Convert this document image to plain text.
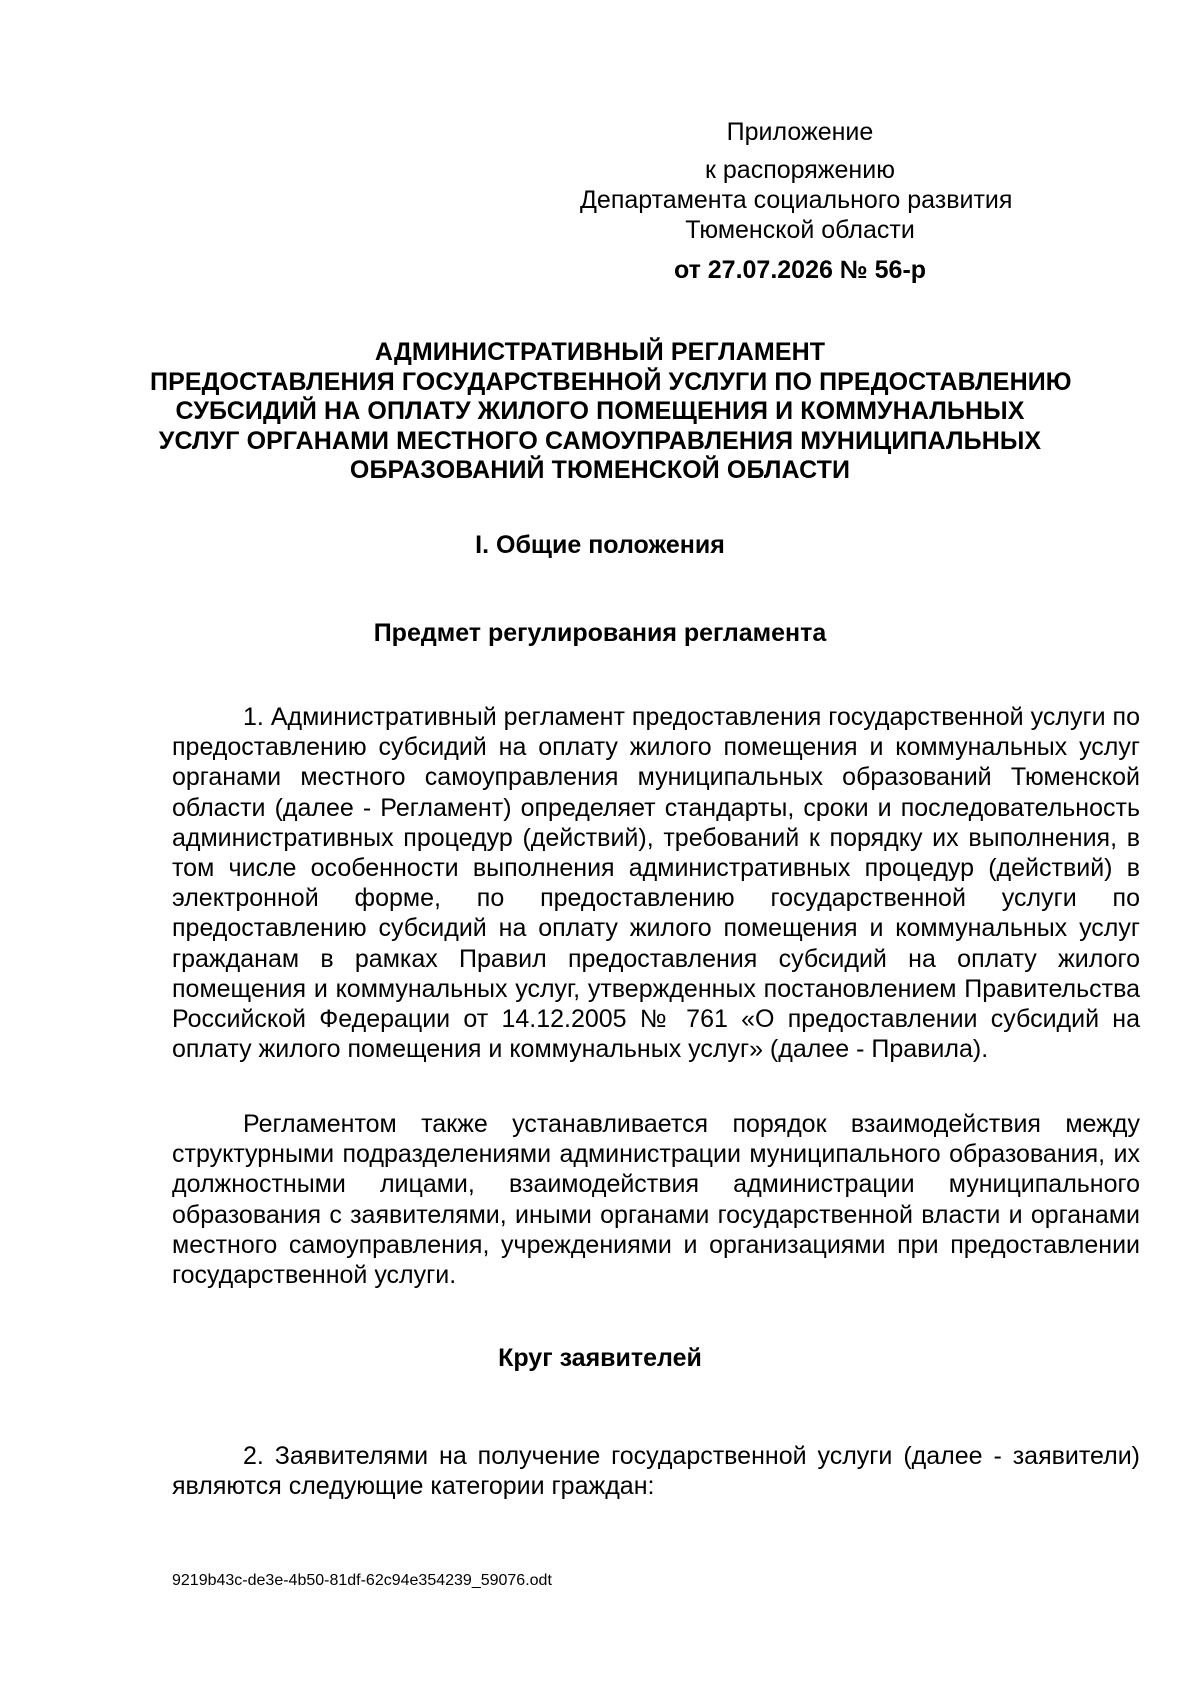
Приложение
к распоряжению
Департамента социального развития
Тюменской области
от 27.07.2026 № 56-р
АДМИНИСТРАТИВНЫЙ РЕГЛАМЕНТ
ПРЕДОСТАВЛЕНИЯ ГОСУДАРСТВЕННОЙ УСЛУГИ ПО ПРЕДОСТАВЛЕНИЮ
СУБСИДИЙ НА ОПЛАТУ ЖИЛОГО ПОМЕЩЕНИЯ И КОММУНАЛЬНЫХ
УСЛУГ ОРГАНАМИ МЕСТНОГО САМОУПРАВЛЕНИЯ МУНИЦИПАЛЬНЫХ
ОБРАЗОВАНИЙ ТЮМЕНСКОЙ ОБЛАСТИ
I. Общие положения
Предмет регулирования регламента

1. Административный регламент предоставления государственной услуги по предоставлению субсидий на оплату жилого помещения и коммунальных услуг органами местного самоуправления муниципальных образований Тюменской области (далее - Регламент) определяет стандарты, сроки и последовательность административных процедур (действий), требований к порядку их выполнения, в том числе особенности выполнения административных процедур (действий) в электронной форме, по предоставлению государственной услуги по предоставлению субсидий на оплату жилого помещения и коммунальных услуг гражданам в рамках Правил предоставления субсидий на оплату жилого помещения и коммунальных услуг, утвержденных постановлением Правительства Российской Федерации от 14.12.2005 № 761 «О предоставлении субсидий на оплату жилого помещения и коммунальных услуг» (далее - Правила).

Регламентом также устанавливается порядок взаимодействия между структурными подразделениями администрации муниципального образования, их должностными лицами, взаимодействия администрации муниципального образования с заявителями, иными органами государственной власти и органами местного самоуправления, учреждениями и организациями при предоставлении государственной услуги.

Круг заявителей

2. Заявителями на получение государственной услуги (далее - заявители) являются следующие категории граждан:

9219b43c-de3e-4b50-81df-62c94e354239_59076.odt
